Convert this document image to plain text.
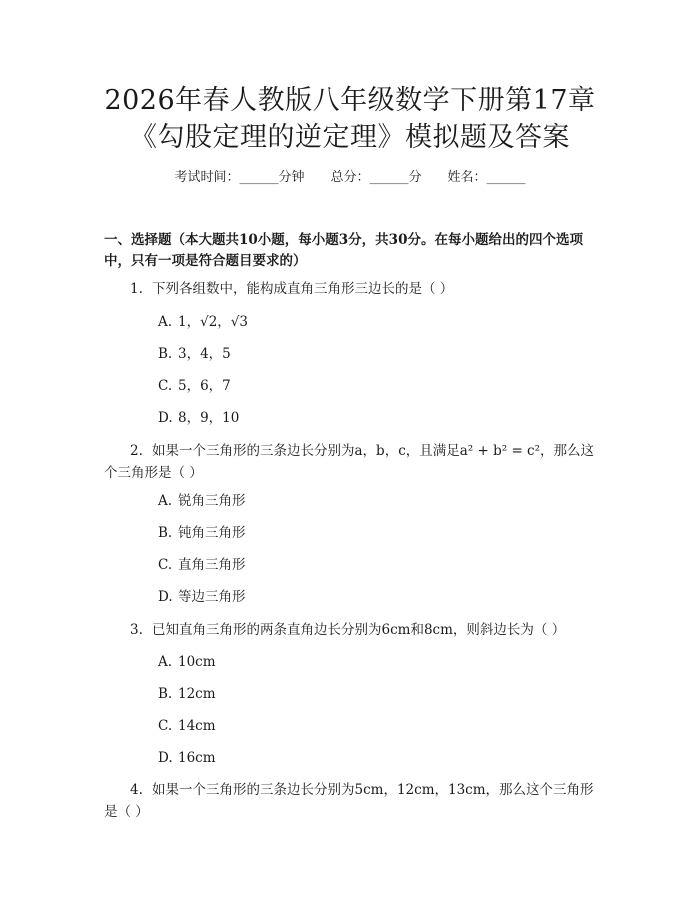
2026年春人教版八年级数学下册第17章
《勾股定理的逆定理》模拟题及答案
考试时间：______分钟 总分：______分 姓名：______
一、选择题（本大题共10小题，每小题3分，共30分。在每小题给出的四个选项中，只有一项是符合题目要求的）
1. 下列各组数中，能构成直角三角形三边长的是（ ）
A. 1，√2，√3
B. 3，4，5
C. 5，6，7
D. 8，9，10
2. 如果一个三角形的三条边长分别为a，b，c，且满足a² + b² = c²，那么这个三角形是（ ）
A. 锐角三角形
B. 钝角三角形
C. 直角三角形
D. 等边三角形
3. 已知直角三角形的两条直角边长分别为6cm和8cm，则斜边长为（ ）
A. 10cm
B. 12cm
C. 14cm
D. 16cm
4. 如果一个三角形的三条边长分别为5cm，12cm，13cm，那么这个三角形是（ ）
